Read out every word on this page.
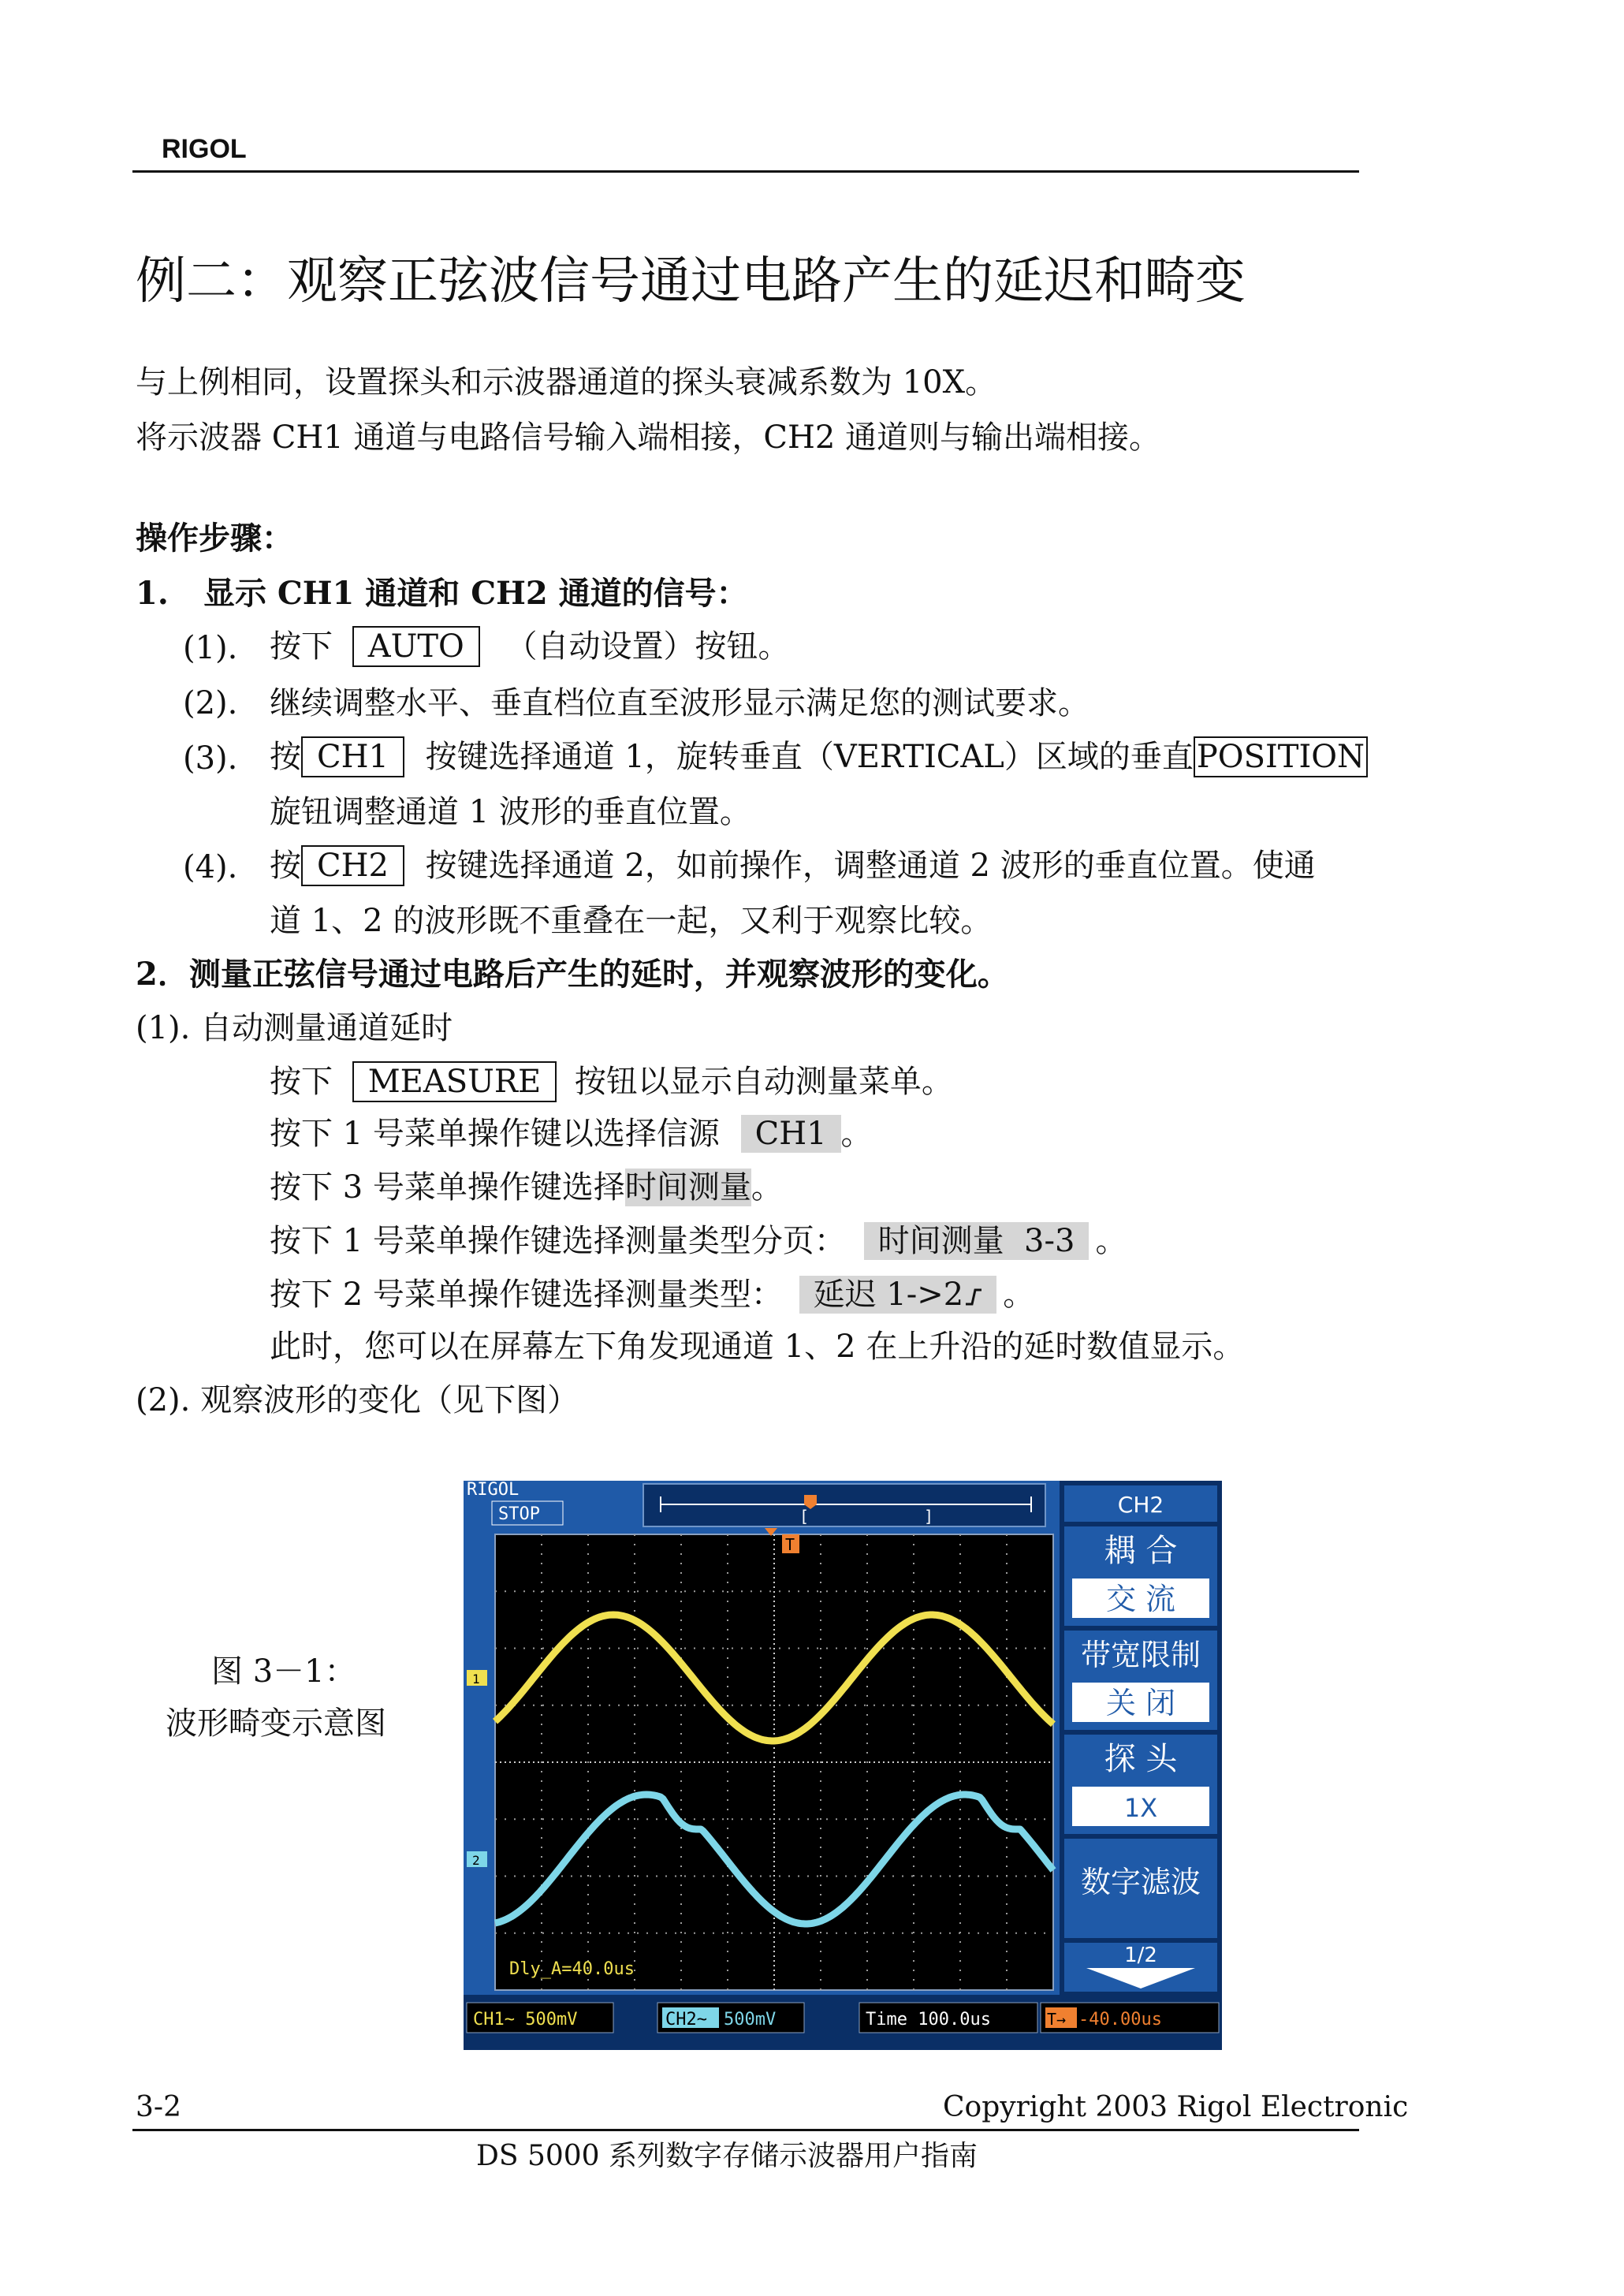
RIGOL
例二：观察正弦波信号通过电路产生的延迟和畸变
与上例相同，设置探头和示波器通道的探头衰减系数为 10X。
将示波器 CH1 通道与电路信号输入端相接，CH2 通道则与输出端相接。
操作步骤：
1. 显示 CH1 通道和 CH2 通道的信号：
(1). 按下 AUTO （自动设置）按钮。
(2). 继续调整水平、垂直档位直至波形显示满足您的测试要求。
(3). 按 CH1 按键选择通道 1，旋转垂直（VERTICAL）区域的垂直 POSITION
旋钮调整通道 1 波形的垂直位置。
(4). 按 CH2 按键选择通道 2，如前操作，调整通道 2 波形的垂直位置。使通
道 1、2 的波形既不重叠在一起，又利于观察比较。
2．测量正弦信号通过电路后产生的延时，并观察波形的变化。
(1). 自动测量通道延时
按下 MEASURE 按钮以显示自动测量菜单。
按下 1 号菜单操作键以选择信源 CH1 。
按下 3 号菜单操作键选择时间测量。
按下 1 号菜单操作键选择测量类型分页： 时间测量  3-3 。
按下 2 号菜单操作键选择测量类型： 延迟 1->2 。
此时，您可以在屏幕左下角发现通道 1、2 在上升沿的延时数值显示。
(2). 观察波形的变化（见下图）
图 3－1：
波形畸变示意图
RIGOL
STOP	[	]
T
1
2
Dly_A=40.0us
CH1~ 500mV	CH2~ 500mV	Time 100.0us	T→ -40.00us
CH2
耦 合
交 流
带宽限制
关 闭
探 头
1X
数字滤波
1/2
3-2	Copyright 2003 Rigol Electronic
DS 5000 系列数字存储示波器用户指南
